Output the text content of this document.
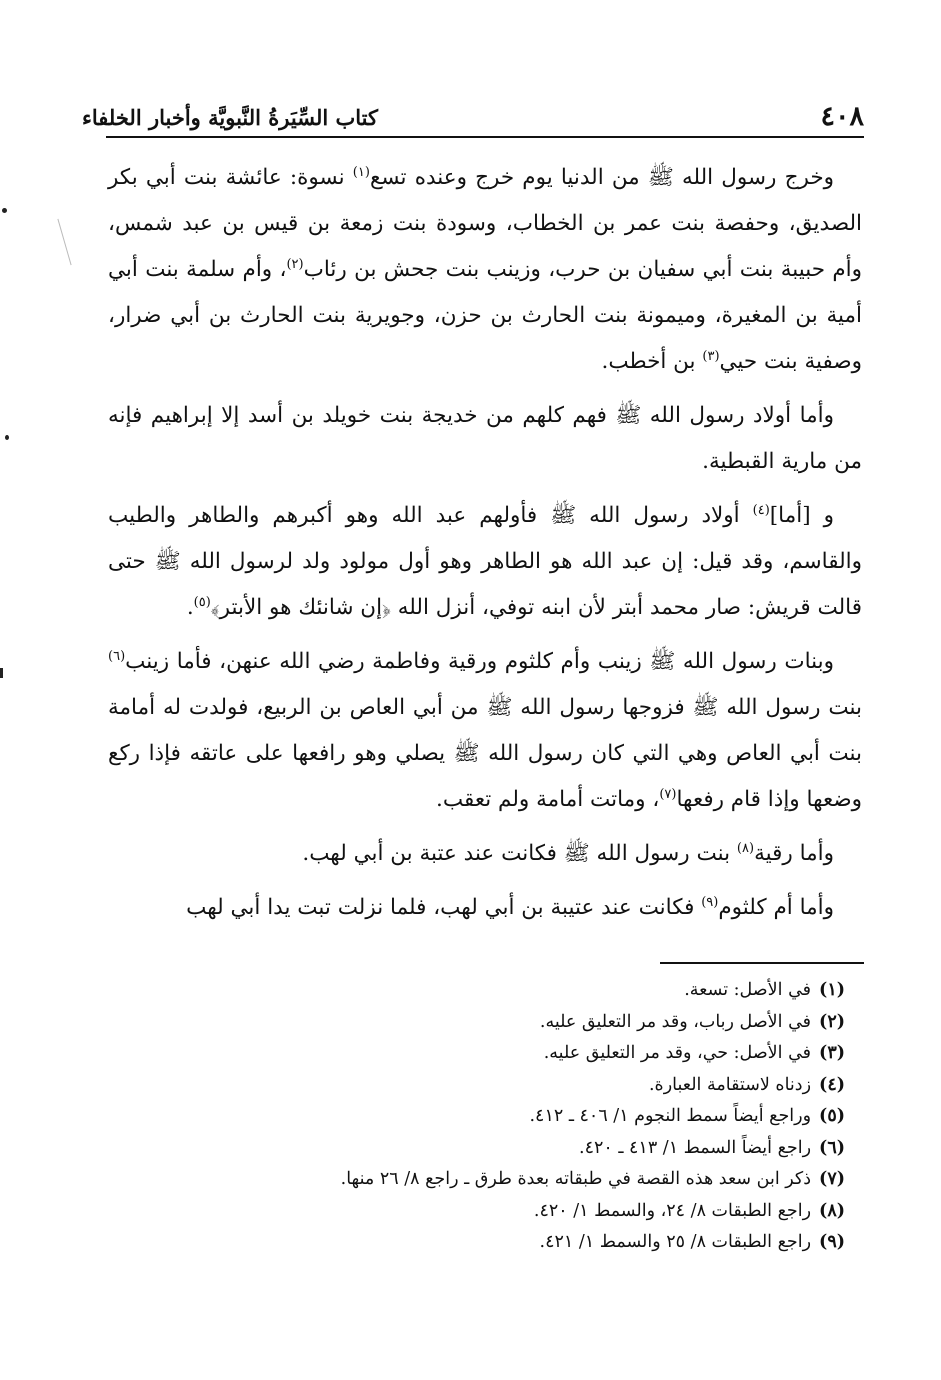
٤٠٨
كتاب السِّيَرةُ النَّبويَّة وأخبار الخلفاء

وخرج رسول الله ﷺ من الدنيا يوم خرج وعنده تسع$^{(١)}$ نسوة: عائشة بنت أبي بكر الصديق، وحفصة بنت عمر بن الخطاب، وسودة بنت زمعة بن قيس بن عبد شمس، وأم حبيبة بنت أبي سفيان بن حرب، وزينب بنت جحش بن رئاب$^{(٢)}$، وأم سلمة بنت أبي أمية بن المغيرة، وميمونة بنت الحارث بن حزن، وجويرية بنت الحارث بن أبي ضرار، وصفية بنت حيي$^{(٣)}$ بن أخطب.

وأما أولاد رسول الله ﷺ فهم كلهم من خديجة بنت خويلد بن أسد إلا إبراهيم فإنه من مارية القبطية.

و [أما]$^{(٤)}$ أولاد رسول الله ﷺ فأولهم عبد الله وهو أكبرهم والطاهر والطيب والقاسم، وقد قيل: إن عبد الله هو الطاهر وهو أول مولود ولد لرسول الله ﷺ حتى قالت قريش: صار محمد أبتر لأن ابنه توفي، أنزل الله ﴿إن شانئك هو الأبتر﴾$^{(٥)}$.

وبنات رسول الله ﷺ زينب وأم كلثوم ورقية وفاطمة رضي الله عنهن، فأما زينب$^{(٦)}$ بنت رسول الله ﷺ فزوجها رسول الله ﷺ من أبي العاص بن الربيع، فولدت له أمامة بنت أبي العاص وهي التي كان رسول الله ﷺ يصلي وهو رافعها على عاتقه فإذا ركع وضعها وإذا قام رفعها$^{(٧)}$، وماتت أمامة ولم تعقب.

وأما رقية$^{(٨)}$ بنت رسول الله ﷺ فكانت عند عتبة بن أبي لهب.

وأما أم كلثوم$^{(٩)}$ فكانت عند عتيبة بن أبي لهب، فلما نزلت تبت يدا أبي لهب

(١)في الأصل: تسعة.
(٢)في الأصل رباب، وقد مر التعليق عليه.
(٣)في الأصل: حي، وقد مر التعليق عليه.
(٤)زدناه لاستقامة العبارة.
(٥)وراجع أيضاً سمط النجوم ١/ ٤٠٦ ـ ٤١٢.
(٦)راجع أيضاً السمط ١/ ٤١٣ ـ ٤٢٠.
(٧)ذكر ابن سعد هذه القصة في طبقاته بعدة طرق ـ راجع ٨/ ٢٦ منها.
(٨)راجع الطبقات ٨/ ٢٤، والسمط ١/ ٤٢٠.
(٩)راجع الطبقات ٨/ ٢٥ والسمط ١/ ٤٢١.
